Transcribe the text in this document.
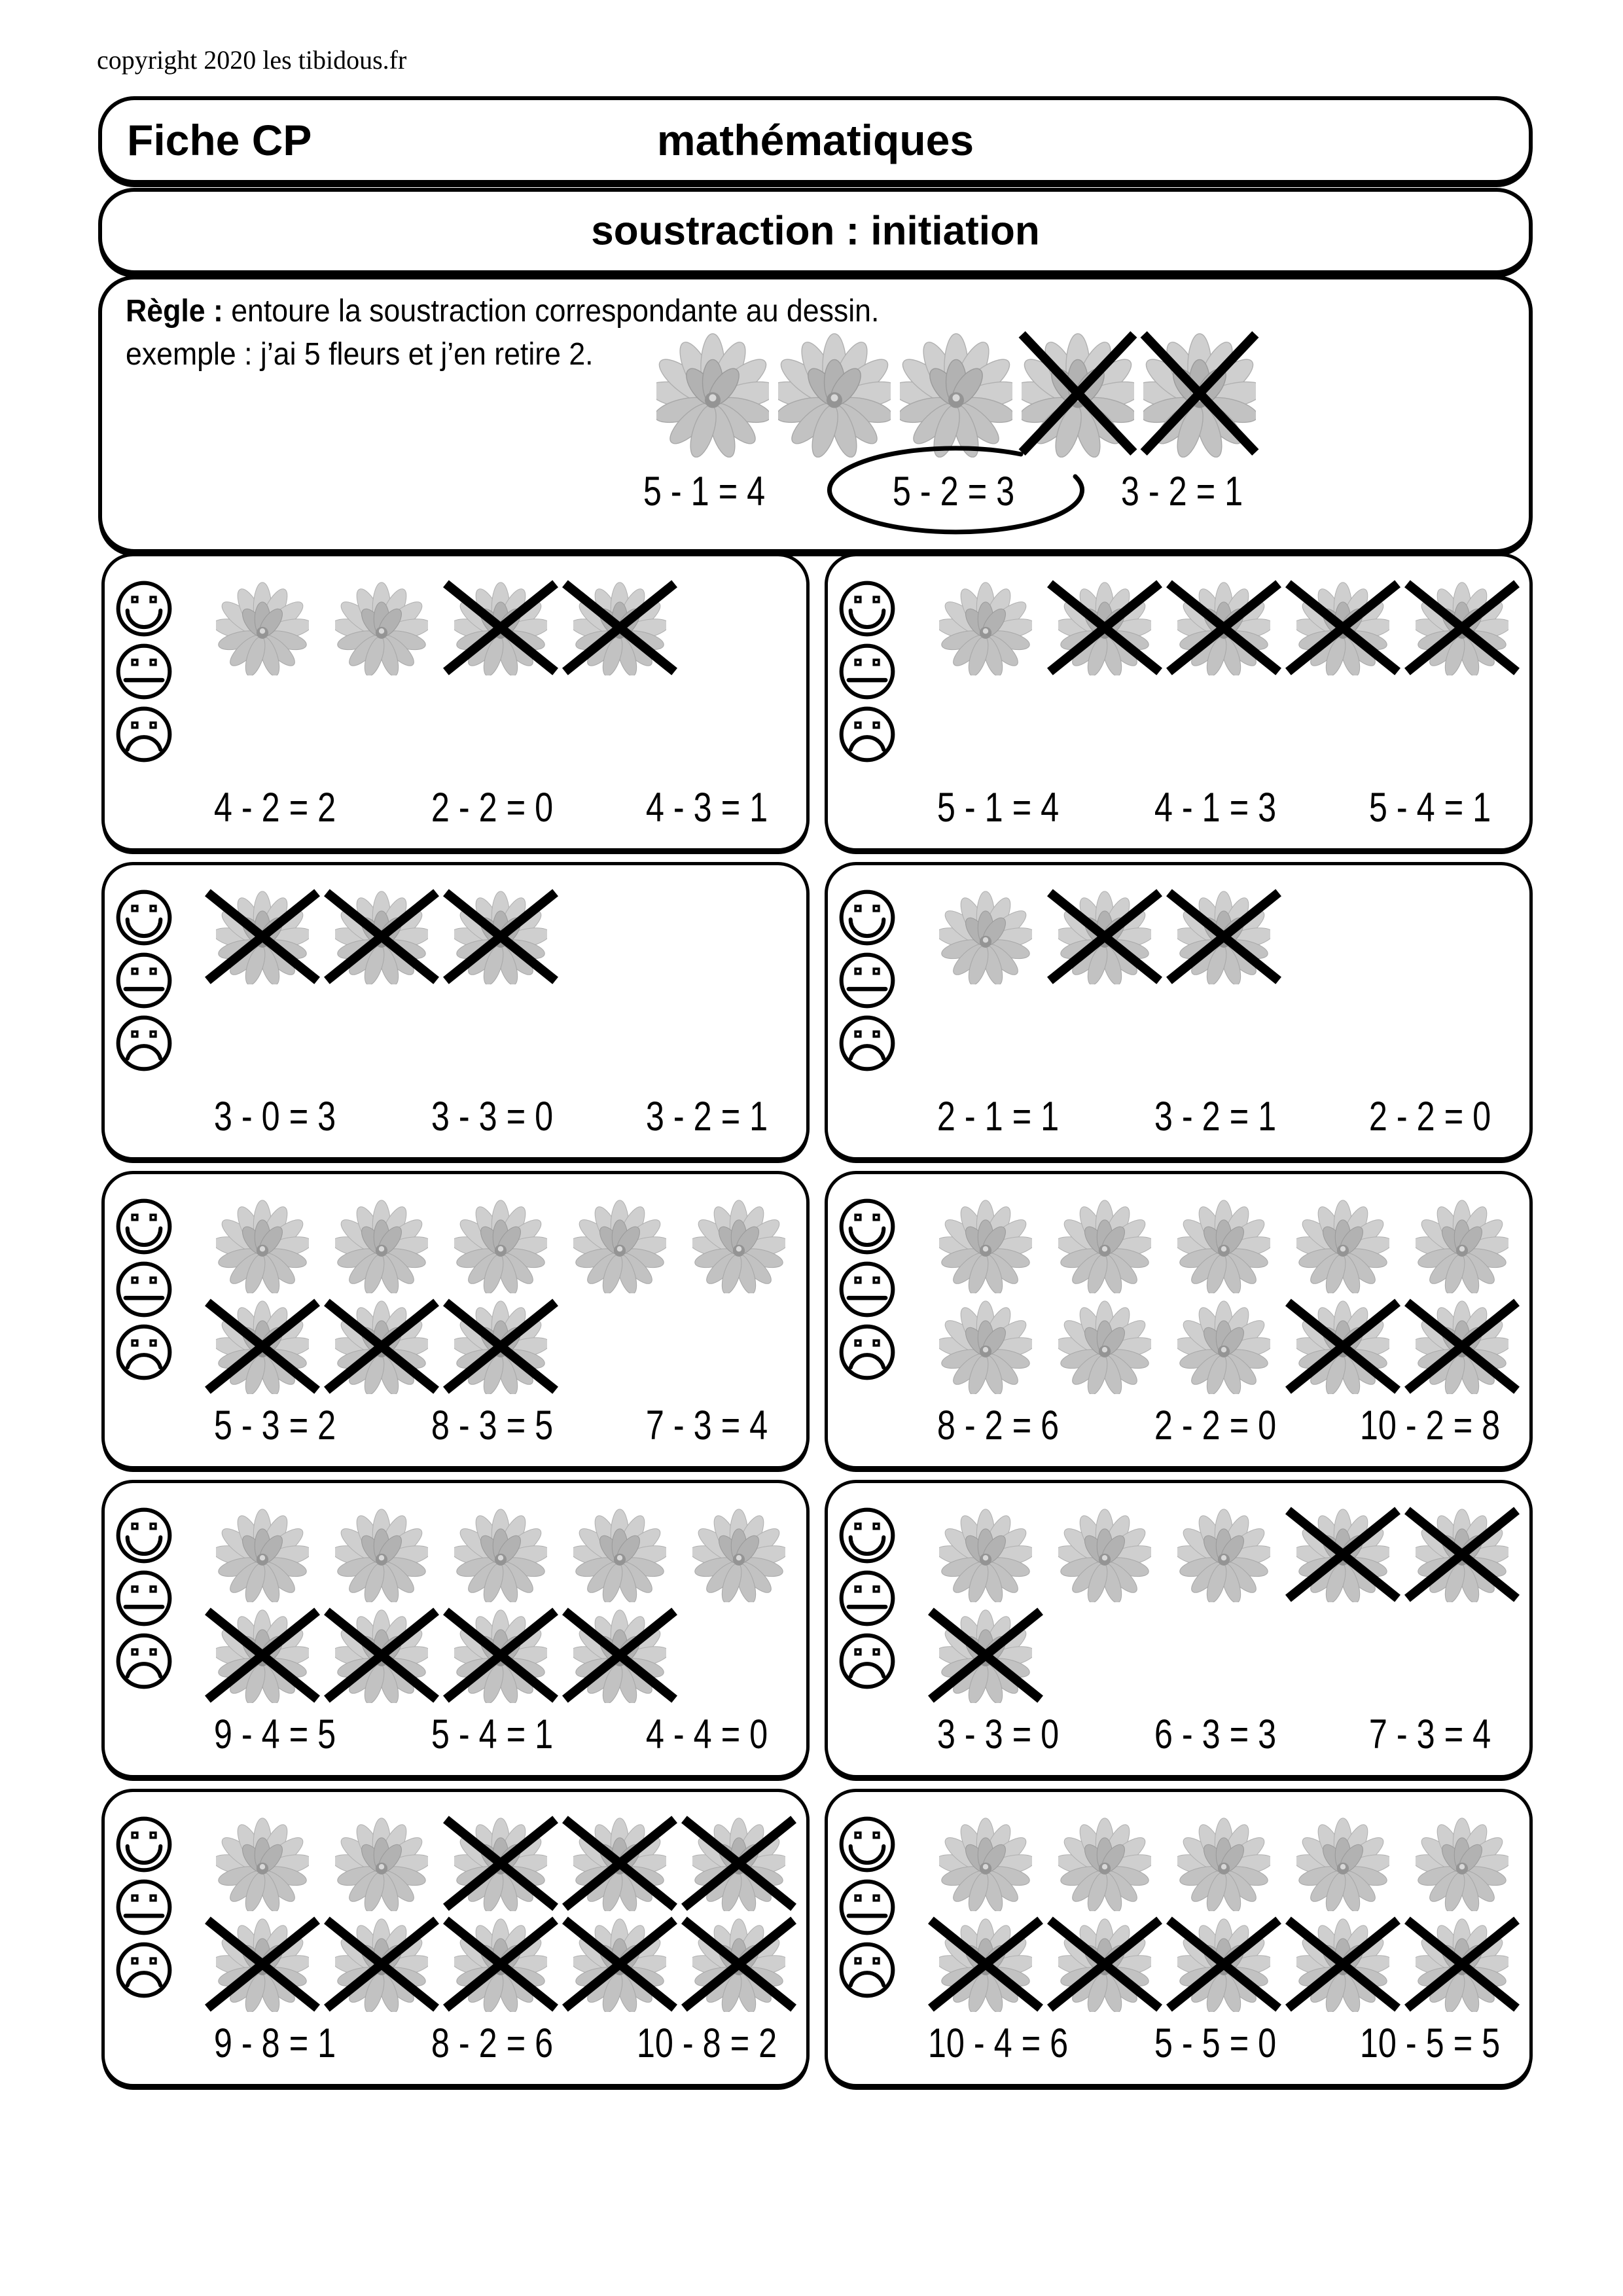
copyright 2020 les tibidous.fr
Fiche CP	mathématiques
soustraction : initiation
Règle : entoure la soustraction correspondante au dessin.
exemple : j’ai 5 fleurs et j’en retire 2.
5 - 1 = 4	5 - 2 = 3	3 - 2 = 1
4 - 2 = 2 2 - 2 = 0 4 - 3 = 1	5 - 1 = 4 4 - 1 = 3 5 - 4 = 1
3 - 0 = 3 3 - 3 = 0 3 - 2 = 1	2 - 1 = 1 3 - 2 = 1 2 - 2 = 0
5 - 3 = 2 8 - 3 = 5 7 - 3 = 4	8 - 2 = 6 2 - 2 = 0 10 - 2 = 8
9 - 4 = 5 5 - 4 = 1 4 - 4 = 0	3 - 3 = 0 6 - 3 = 3 7 - 3 = 4
9 - 8 = 1 8 - 2 = 6 10 - 8 = 2	10 - 4 = 6 5 - 5 = 0 10 - 5 = 5
